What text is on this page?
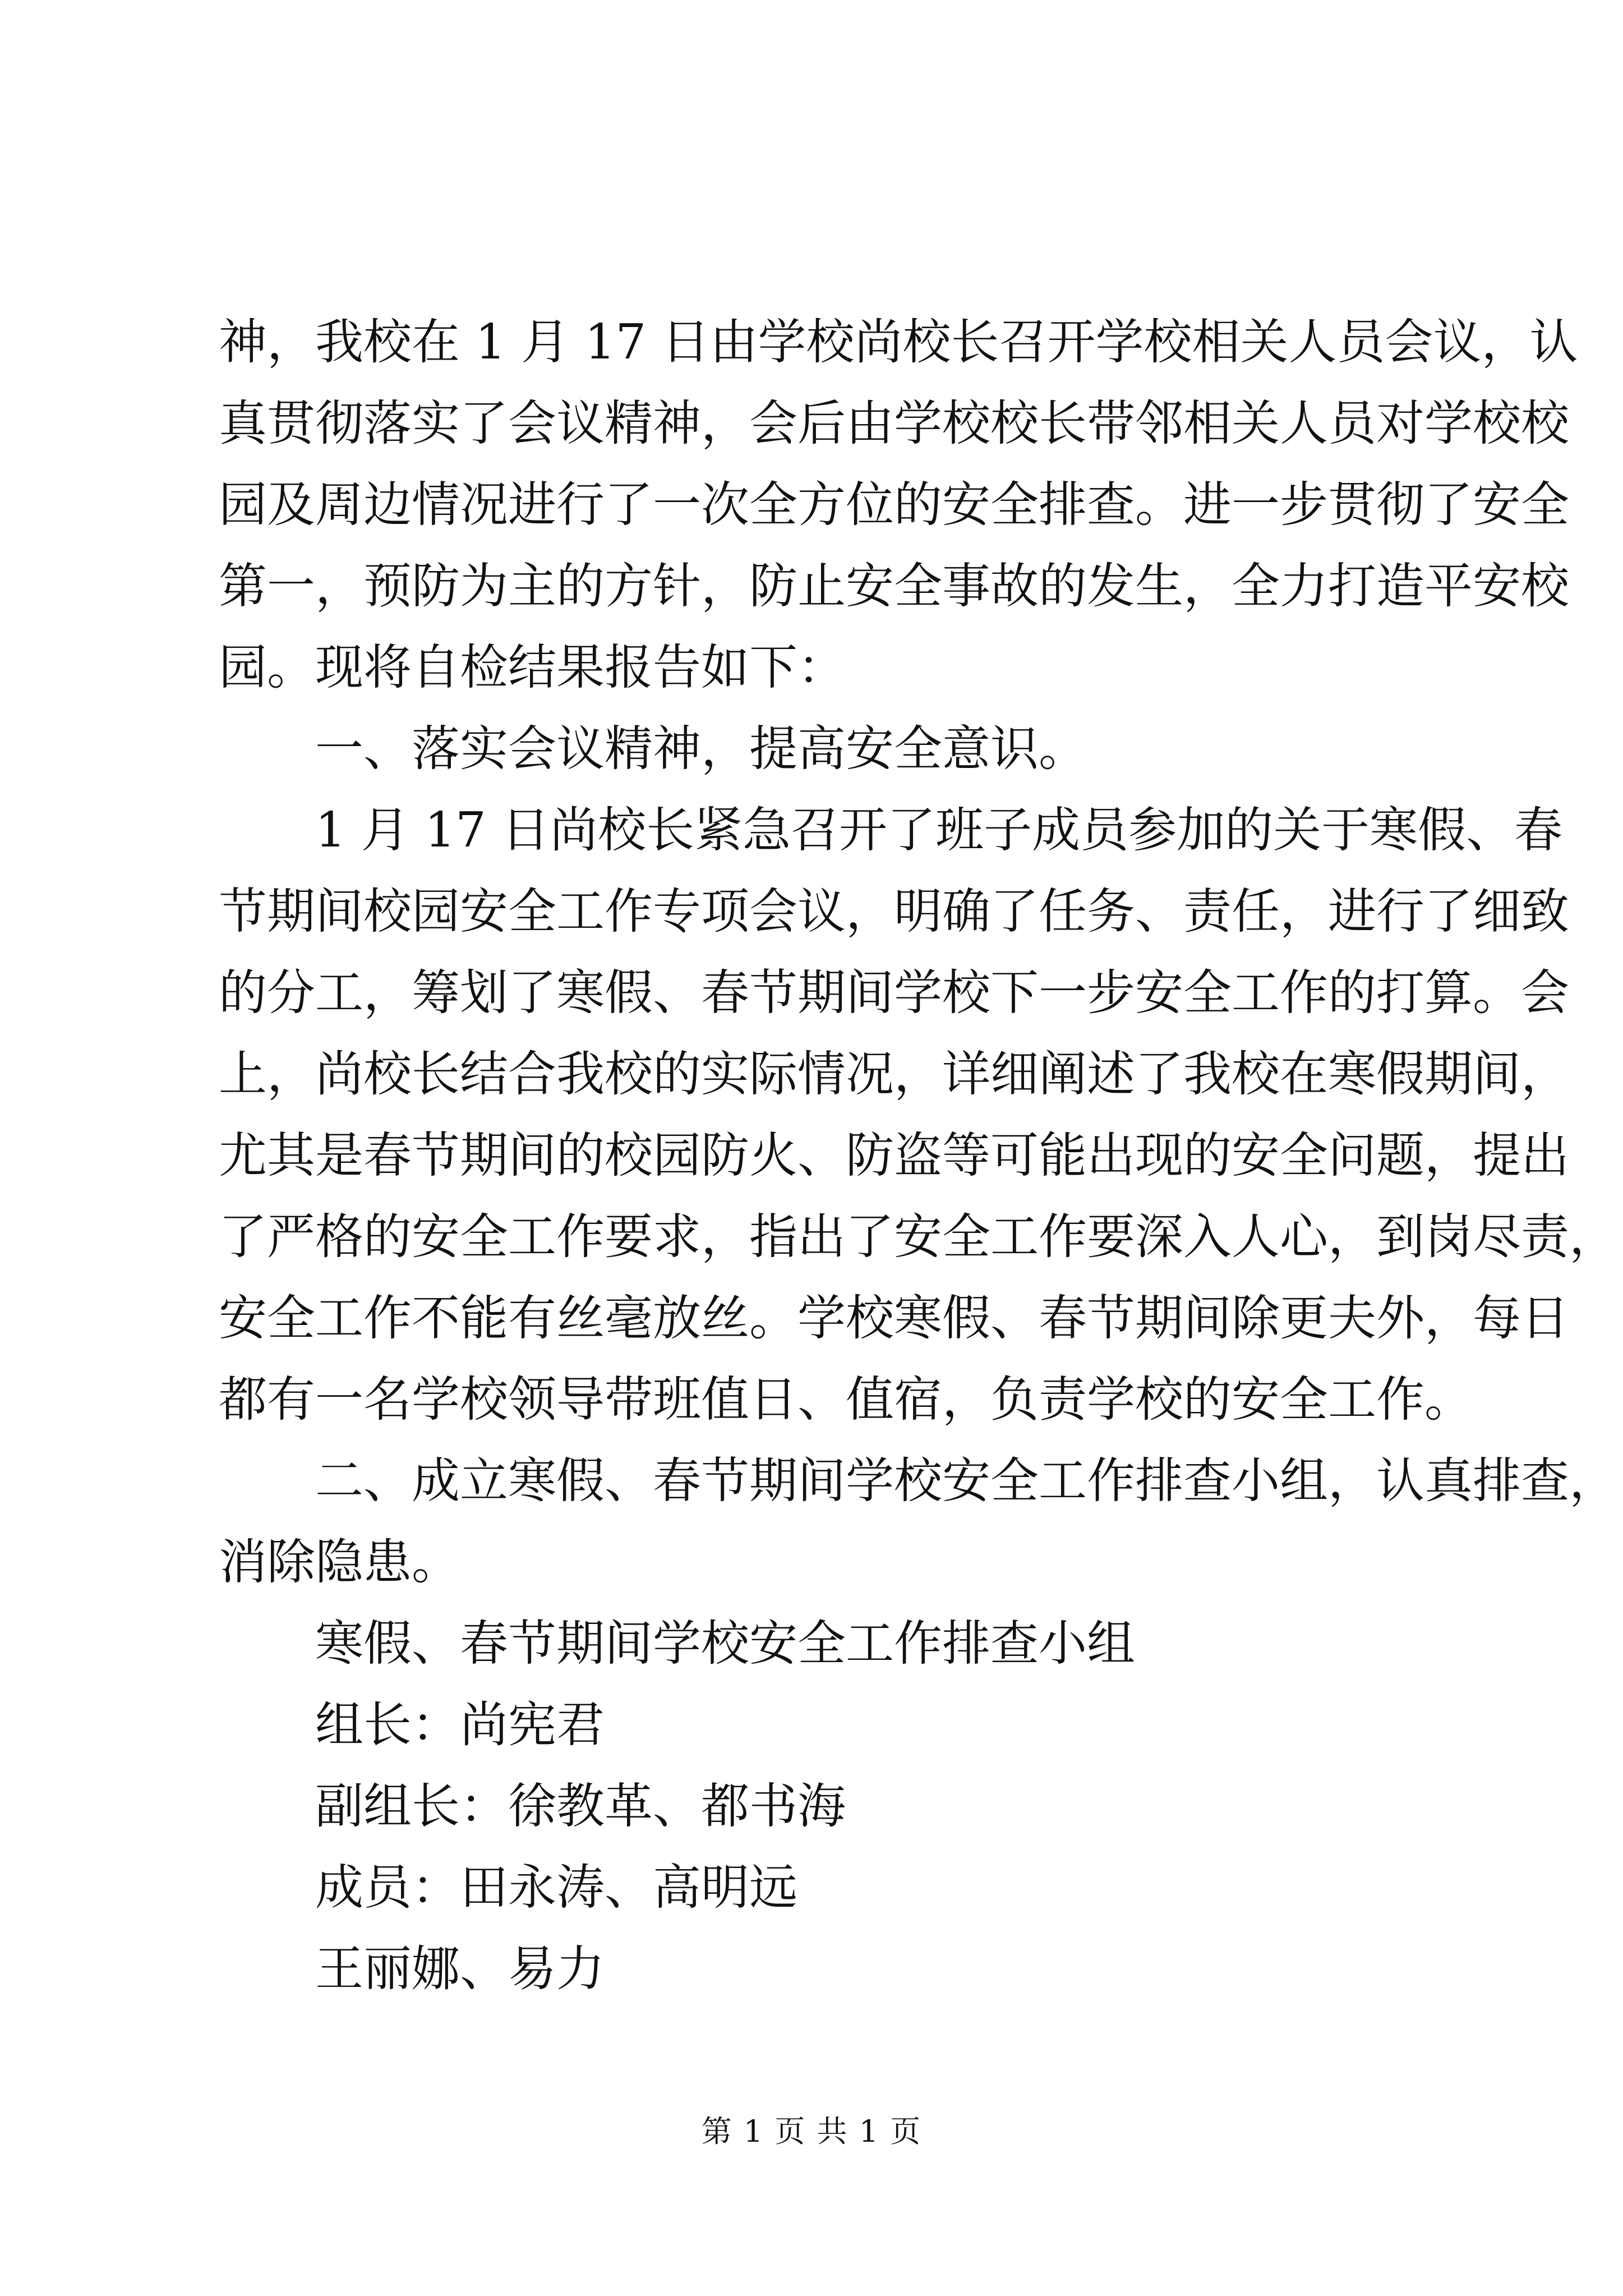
神，我校在 1 月 17 日由学校尚校长召开学校相关人员会议，认
真贯彻落实了会议精神，会后由学校校长带邻相关人员对学校校
园及周边情况进行了一次全方位的安全排查。进一步贯彻了安全
第一，预防为主的方针，防止安全事故的发生，全力打造平安校
园。现将自检结果报告如下：
一、落实会议精神，提高安全意识。
1 月 17 日尚校长紧急召开了班子成员参加的关于寒假、春
节期间校园安全工作专项会议，明确了任务、责任，进行了细致
的分工，筹划了寒假、春节期间学校下一步安全工作的打算。会
上，尚校长结合我校的实际情况，详细阐述了我校在寒假期间，
尤其是春节期间的校园防火、防盗等可能出现的安全问题，提出
了严格的安全工作要求，指出了安全工作要深入人心，到岗尽责，
安全工作不能有丝毫放丝。学校寒假、春节期间除更夫外，每日
都有一名学校领导带班值日、值宿，负责学校的安全工作。
二、成立寒假、春节期间学校安全工作排查小组，认真排查，
消除隐患。
寒假、春节期间学校安全工作排查小组
组长：尚宪君
副组长：徐教革、都书海
成员：田永涛、高明远
王丽娜、易力
第 1 页 共 1 页
